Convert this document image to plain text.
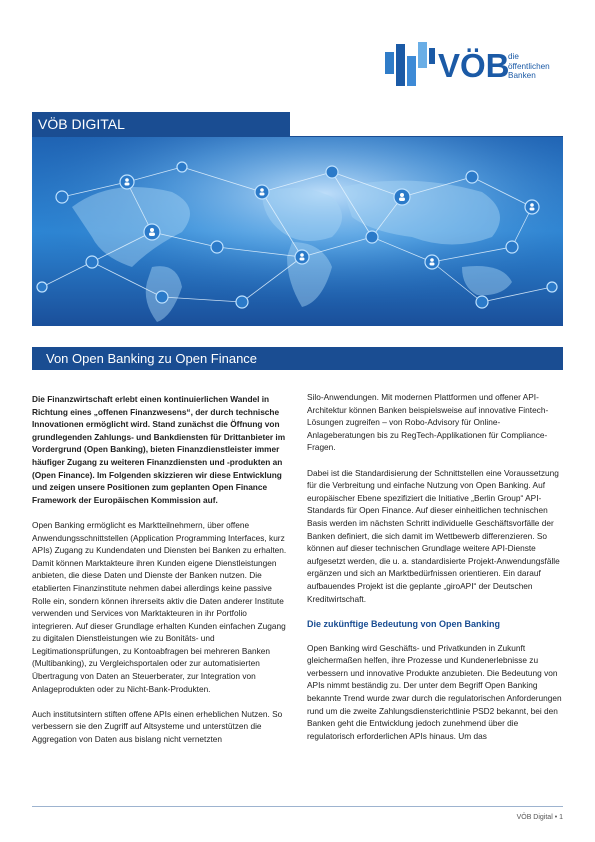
VÖB
die
öffentlichen
Banken
VÖB DIGITAL
Von Open Banking zu Open Finance

Die Finanzwirtschaft erlebt einen kontinuierlichen Wandel in Richtung eines „offenen Finanzwesens“, der durch technische Innovationen ermöglicht wird. Stand zunächst die Öffnung von grundlegenden Zahlungs- und Bankdiensten für Drittanbieter im Vordergrund (Open Banking), bieten Finanzdienstleister immer häufiger Zugang zu weiteren Finanzdiensten und -produkten an (Open Finance). Im Folgenden skizzieren wir diese Entwicklung und zeigen unsere Positionen zum geplanten Open Finance Framework der Europäischen Kommission auf.

Open Banking ermöglicht es Marktteilnehmern, über offene Anwendungsschnittstellen (Application Programming Interfaces, kurz APIs) Zugang zu Kundendaten und Diensten bei Banken zu erhalten. Damit können Marktakteure ihren Kunden eigene Dienstleistungen anbieten, die diese Daten und Dienste der Banken nutzen. Die etablierten Finanzinstitute nehmen dabei allerdings keine passive Rolle ein, sondern können ihrerseits aktiv die Daten anderer Institute verwenden und Services von Marktakteuren in ihr Portfolio integrieren. Auf dieser Grundlage erhalten Kunden einfachen Zugang zu digitalen Dienstleistungen wie zu Bonitäts- und Legitimationsprüfungen, zu Kontoabfragen bei mehreren Banken (Multibanking), zu Vergleichsportalen oder zur automatisierten Übertragung von Daten an Steuerberater, zur Integration von Anlageprodukten oder zu Nicht-Bank-Produkten.

Auch institutsintern stiften offene APIs einen erheblichen Nutzen. So verbessern sie den Zugriff auf Altsysteme und unterstützen die Aggregation von Daten aus bislang nicht vernetzten

Silo-Anwendungen. Mit modernen Plattformen und offener API-Architektur können Banken beispielsweise auf innovative Fintech-Lösungen zugreifen – von Robo-Advisory für Online-Anlageberatungen bis zu RegTech-Applikationen für Compliance-Fragen.

Dabei ist die Standardisierung der Schnittstellen eine Voraussetzung für die Verbreitung und einfache Nutzung von Open Banking. Auf europäischer Ebene spezifiziert die Initiative „Berlin Group“ API-Standards für Open Finance. Auf dieser einheitlichen technischen Basis werden im nächsten Schritt individuelle Geschäftsvorfälle der Banken definiert, die sich damit im Wettbewerb differenzieren. So können auf dieser technischen Grundlage weitere API-Dienste aufgesetzt werden, die u. a. standardisierte Projekt-Anwendungsfälle ergänzen und sich an Marktbedürfnissen orientieren. Ein darauf aufbauendes Projekt ist die geplante „giroAPI“ der Deutschen Kreditwirtschaft.

Die zukünftige Bedeutung von Open Banking

Open Banking wird Geschäfts- und Privatkunden in Zukunft gleichermaßen helfen, ihre Prozesse und Kundenerlebnisse zu verbessern und innovative Produkte anzubieten. Die Bedeutung von APIs nimmt beständig zu. Der unter dem Begriff Open Banking bekannte Trend wurde zwar durch die regulatorischen Anforderungen rund um die zweite Zahlungsdiensterichtlinie PSD2 bekannt, bei den Banken geht die Entwicklung jedoch zunehmend über die regulatorisch erforderlichen APIs hinaus. Um das

VÖB Digital • 1
